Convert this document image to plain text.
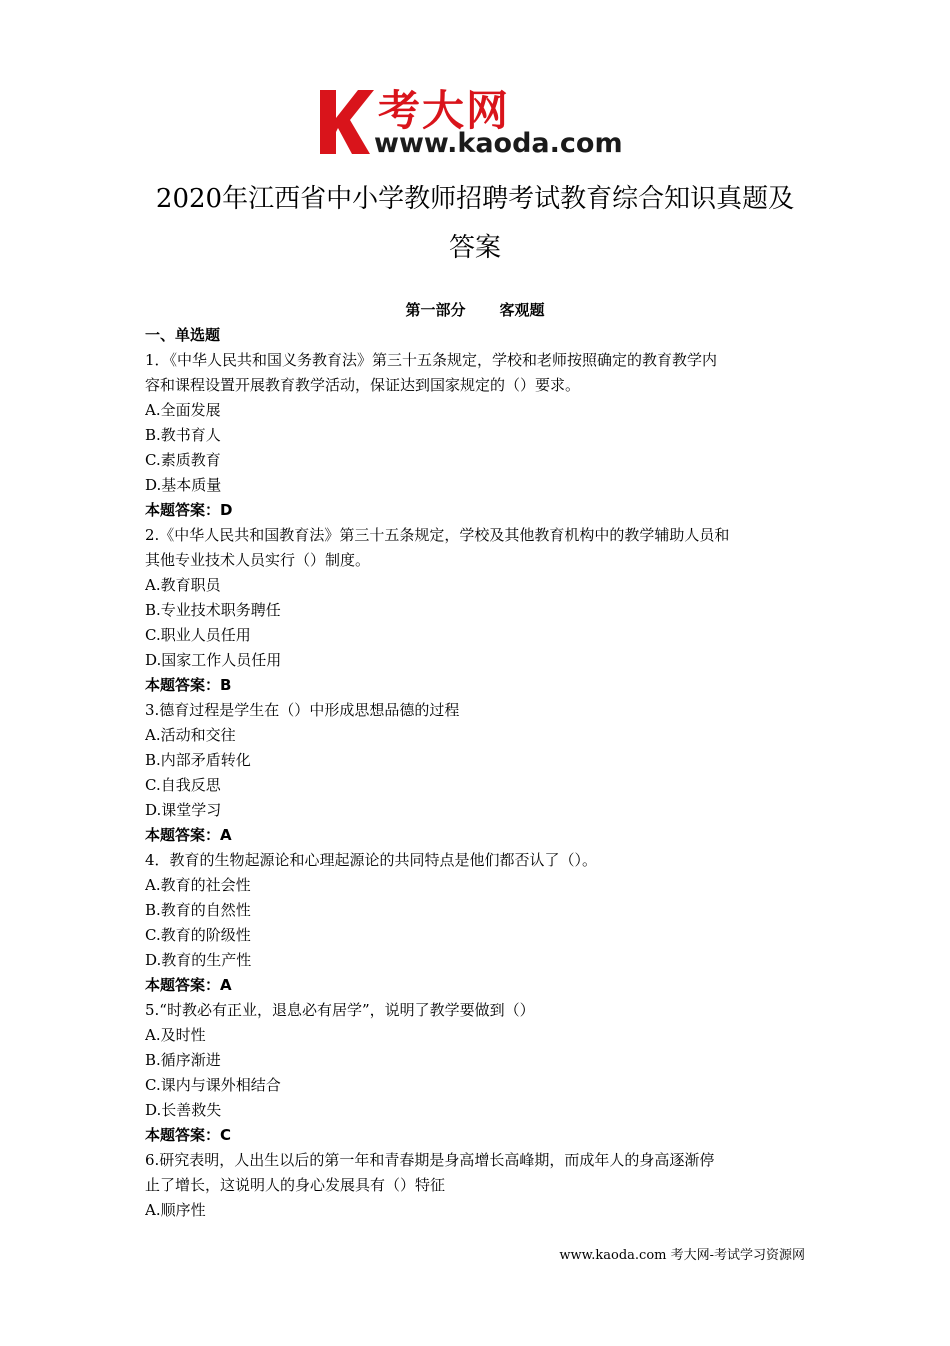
考大网
www.kaoda.com
2020年江西省中小学教师招聘考试教育综合知识真题及
答案
第一部分 客观题
一、单选题
1．《中华人民共和国义务教育法》第三十五条规定，学校和老师按照确定的教育教学内
容和课程设置开展教育教学活动，保证达到国家规定的（）要求。
A.全面发展
B.教书育人
C.素质教育
D.基本质量
本题答案：D
2.《中华人民共和国教育法》第三十五条规定，学校及其他教育机构中的教学辅助人员和
其他专业技术人员实行（）制度。
A.教育职员
B.专业技术职务聘任
C.职业人员任用
D.国家工作人员任用
本题答案：B
3.德育过程是学生在（）中形成思想品德的过程
A.活动和交往
B.内部矛盾转化
C.自我反思
D.课堂学习
本题答案：A
4．教育的生物起源论和心理起源论的共同特点是他们都否认了（）。
A.教育的社会性
B.教育的自然性
C.教育的阶级性
D.教育的生产性
本题答案：A
5.“时教必有正业，退息必有居学”，说明了教学要做到（）
A.及时性
B.循序渐进
C.课内与课外相结合
D.长善救失
本题答案：C
6.研究表明，人出生以后的第一年和青春期是身高增长高峰期，而成年人的身高逐渐停
止了增长，这说明人的身心发展具有（）特征
A.顺序性
www.kaoda.com 考大网-考试学习资源网
